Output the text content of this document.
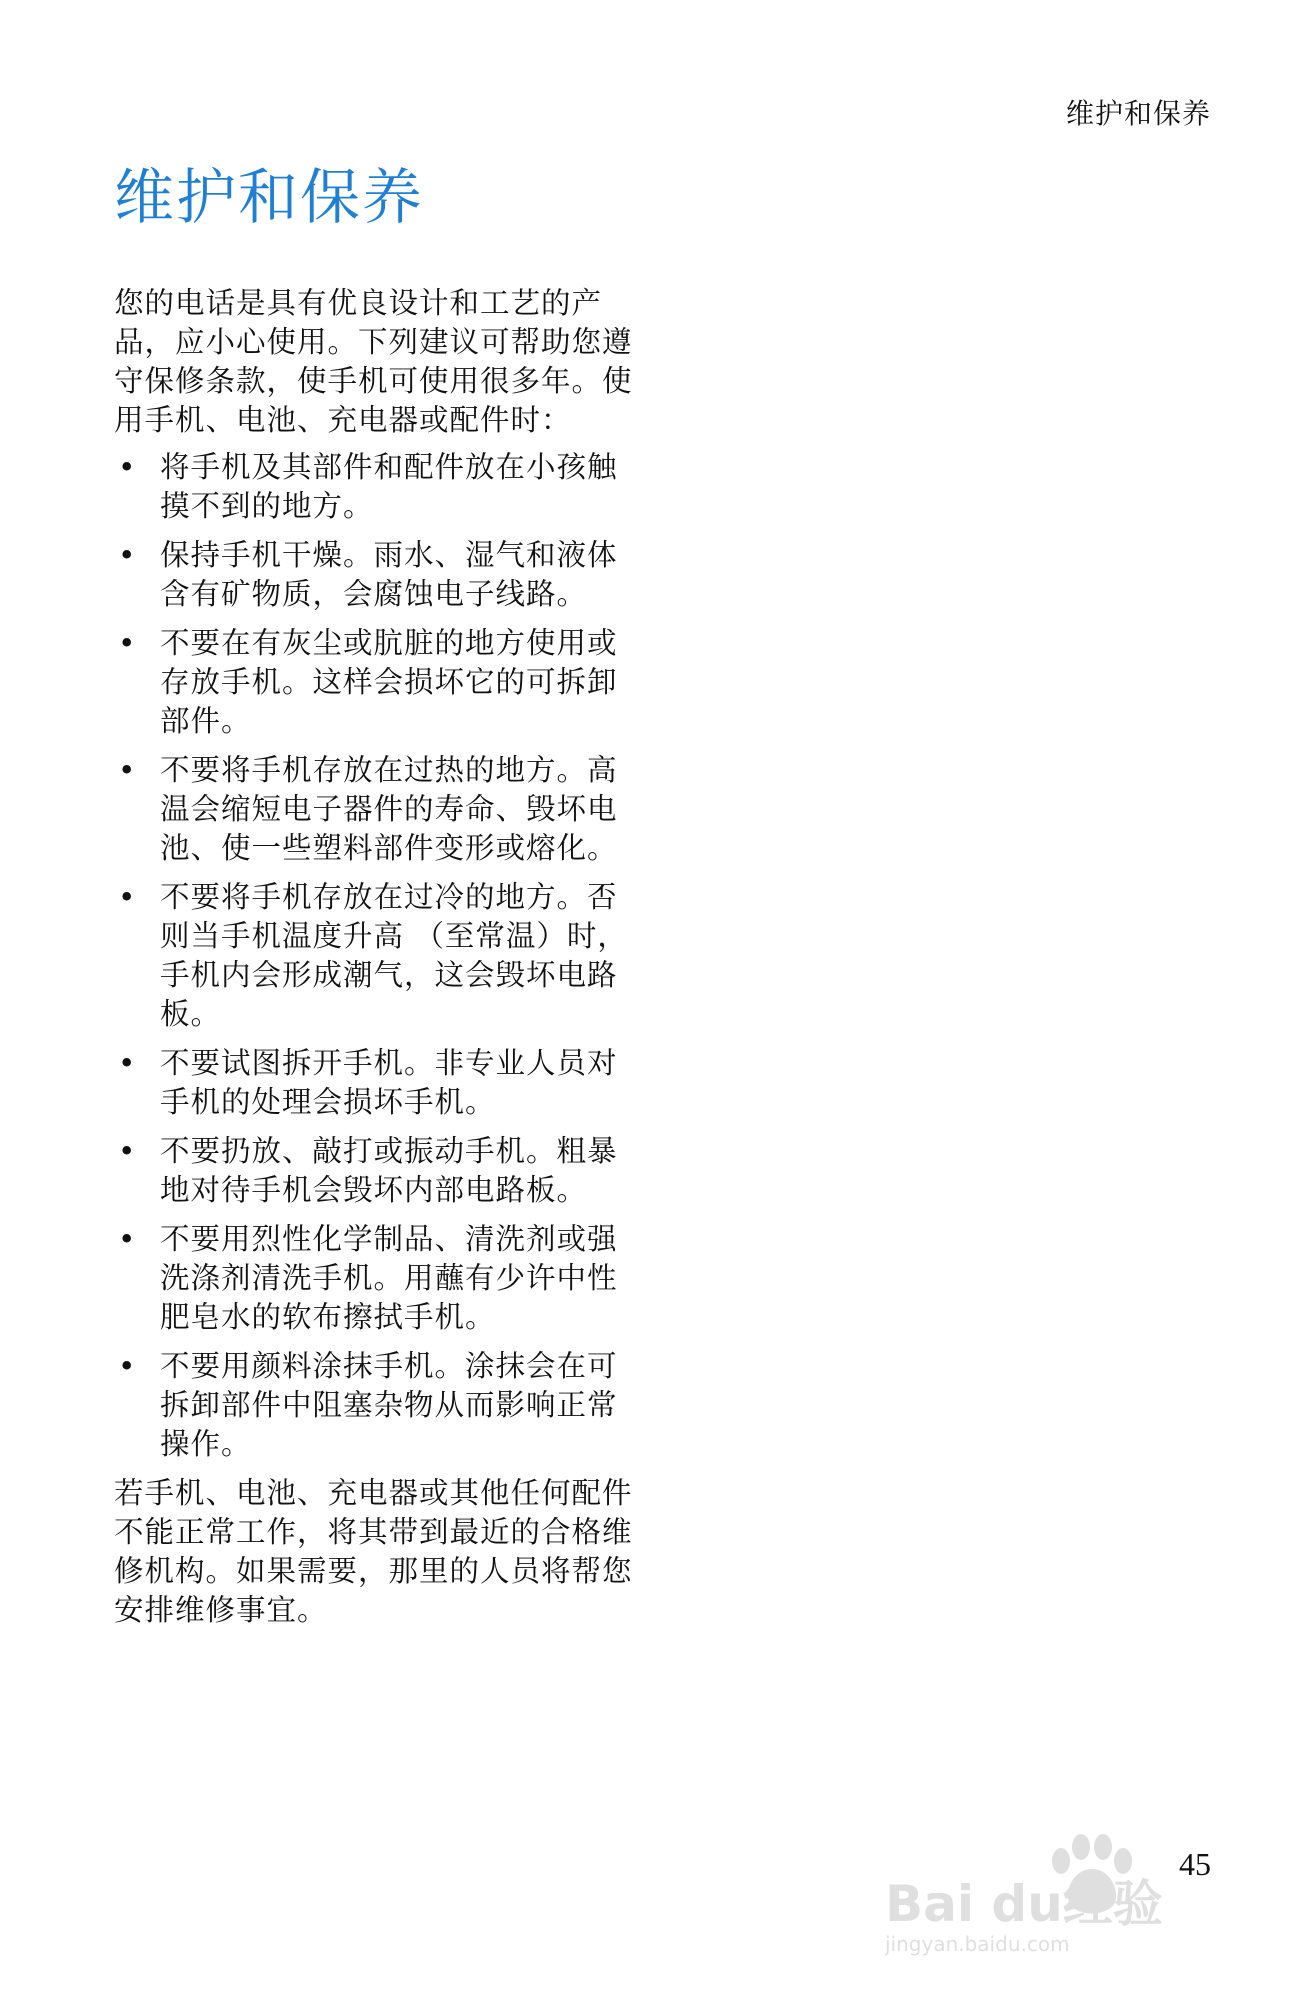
维护和保养
维护和保养

您的电话是具有优良设计和工艺的产品，应小心使用。下列建议可帮助您遵守保修条款，使手机可使用很多年。使用手机、电池、充电器或配件时：

• 将手机及其部件和配件放在小孩触摸不到的地方。
• 保持手机干燥。雨水、湿气和液体含有矿物质，会腐蚀电子线路。
• 不要在有灰尘或肮脏的地方使用或存放手机。这样会损坏它的可拆卸部件。
• 不要将手机存放在过热的地方。高温会缩短电子器件的寿命、毁坏电池、使一些塑料部件变形或熔化。
• 不要将手机存放在过冷的地方。否则当手机温度升高 （至常温）时，手机内会形成潮气，这会毁坏电路板。
• 不要试图拆开手机。非专业人员对手机的处理会损坏手机。
• 不要扔放、敲打或振动手机。粗暴地对待手机会毁坏内部电路板。
• 不要用烈性化学制品、清洗剂或强洗涤剂清洗手机。用蘸有少许中性肥皂水的软布擦拭手机。
• 不要用颜料涂抹手机。涂抹会在可拆卸部件中阻塞杂物从而影响正常操作。

若手机、电池、充电器或其他任何配件不能正常工作，将其带到最近的合格维修机构。如果需要，那里的人员将帮您安排维修事宜。

Bai du经验
jingyan.baidu.com
45
